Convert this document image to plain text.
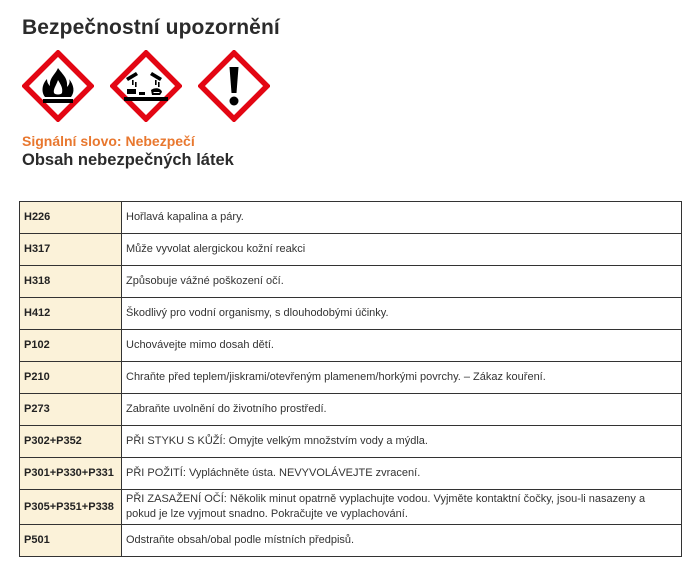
Bezpečnostní upozornění
Signální slovo: Nebezpečí
Obsah nebezpečných látek
H226	Hořlavá kapalina a páry.
H317	Může vyvolat alergickou kožní reakci
H318	Způsobuje vážné poškození očí.
H412	Škodlivý pro vodní organismy, s dlouhodobými účinky.
P102	Uchovávejte mimo dosah dětí.
P210	Chraňte před teplem/jiskrami/otevřeným plamenem/horkými povrchy. – Zákaz kouření.
P273	Zabraňte uvolnění do životního prostředí.
P302+P352	PŘI STYKU S KŮŽÍ: Omyjte velkým množstvím vody a mýdla.
P301+P330+P331	PŘI POŽITÍ: Vypláchněte ústa. NEVYVOLÁVEJTE zvracení.
P305+P351+P338	PŘI ZASAŽENÍ OČÍ: Několik minut opatrně vyplachujte vodou. Vyjměte kontaktní čočky, jsou-li nasazeny a pokud je lze vyjmout snadno. Pokračujte ve vyplachování.
P501	Odstraňte obsah/obal podle místních předpisů.
